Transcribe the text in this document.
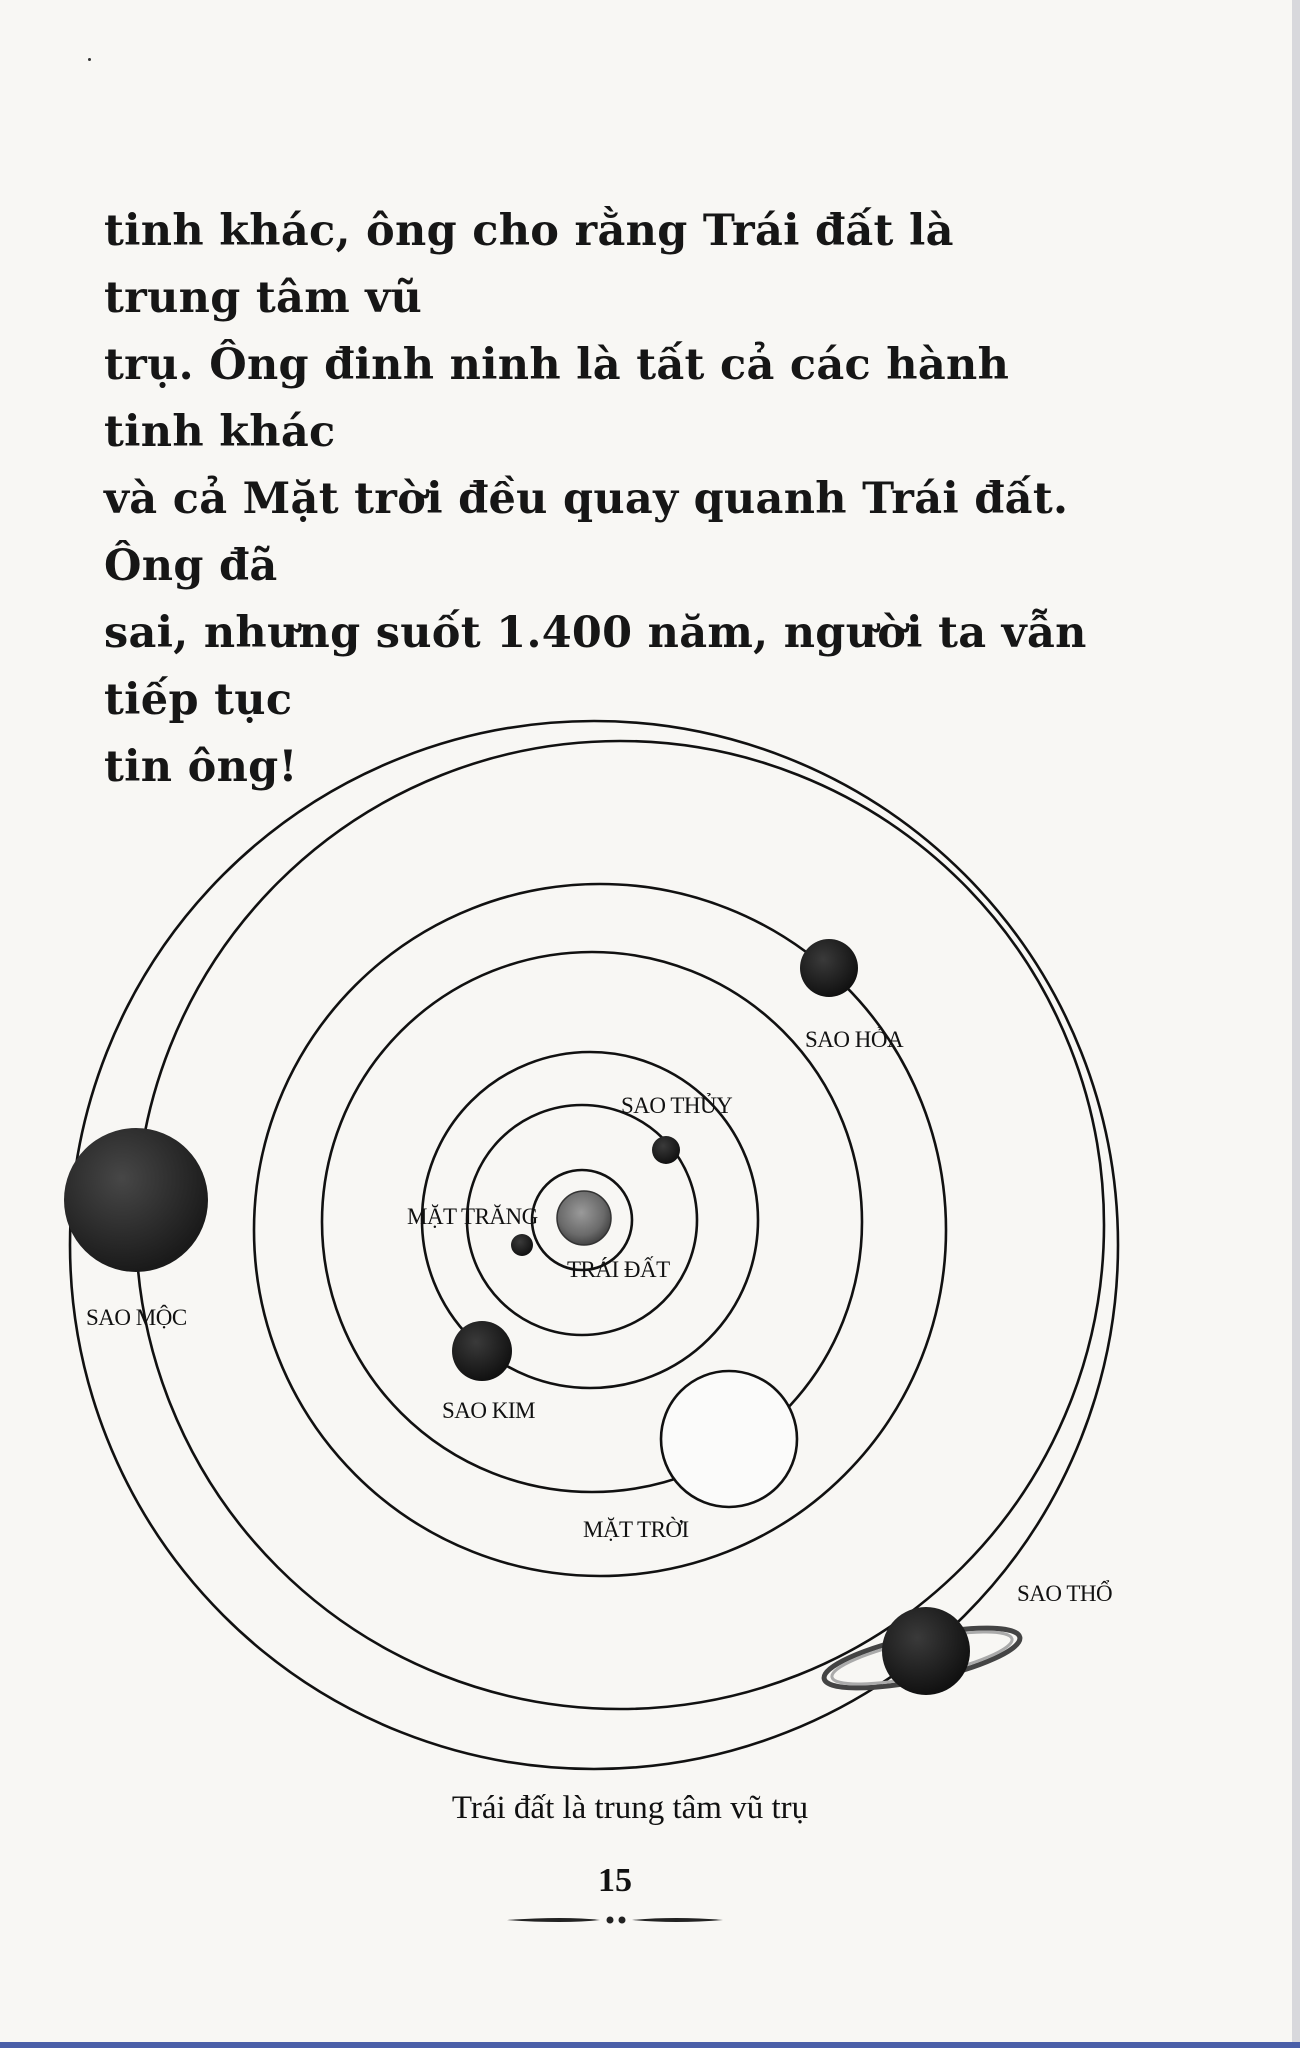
tinh khác, ông cho rằng Trái đất là trung tâm vũ
trụ. Ông đinh ninh là tất cả các hành tinh khác
và cả Mặt trời đều quay quanh Trái đất. Ông đã
sai, nhưng suốt 1.400 năm, người ta vẫn tiếp tục
tin ông!

SAO HỎA
SAO THỦY
MẶT TRĂNG
TRÁI ĐẤT
SAO MỘC
SAO KIM
MẶT TRỜI
SAO THỔ
Trái đất là trung tâm vũ trụ
15
